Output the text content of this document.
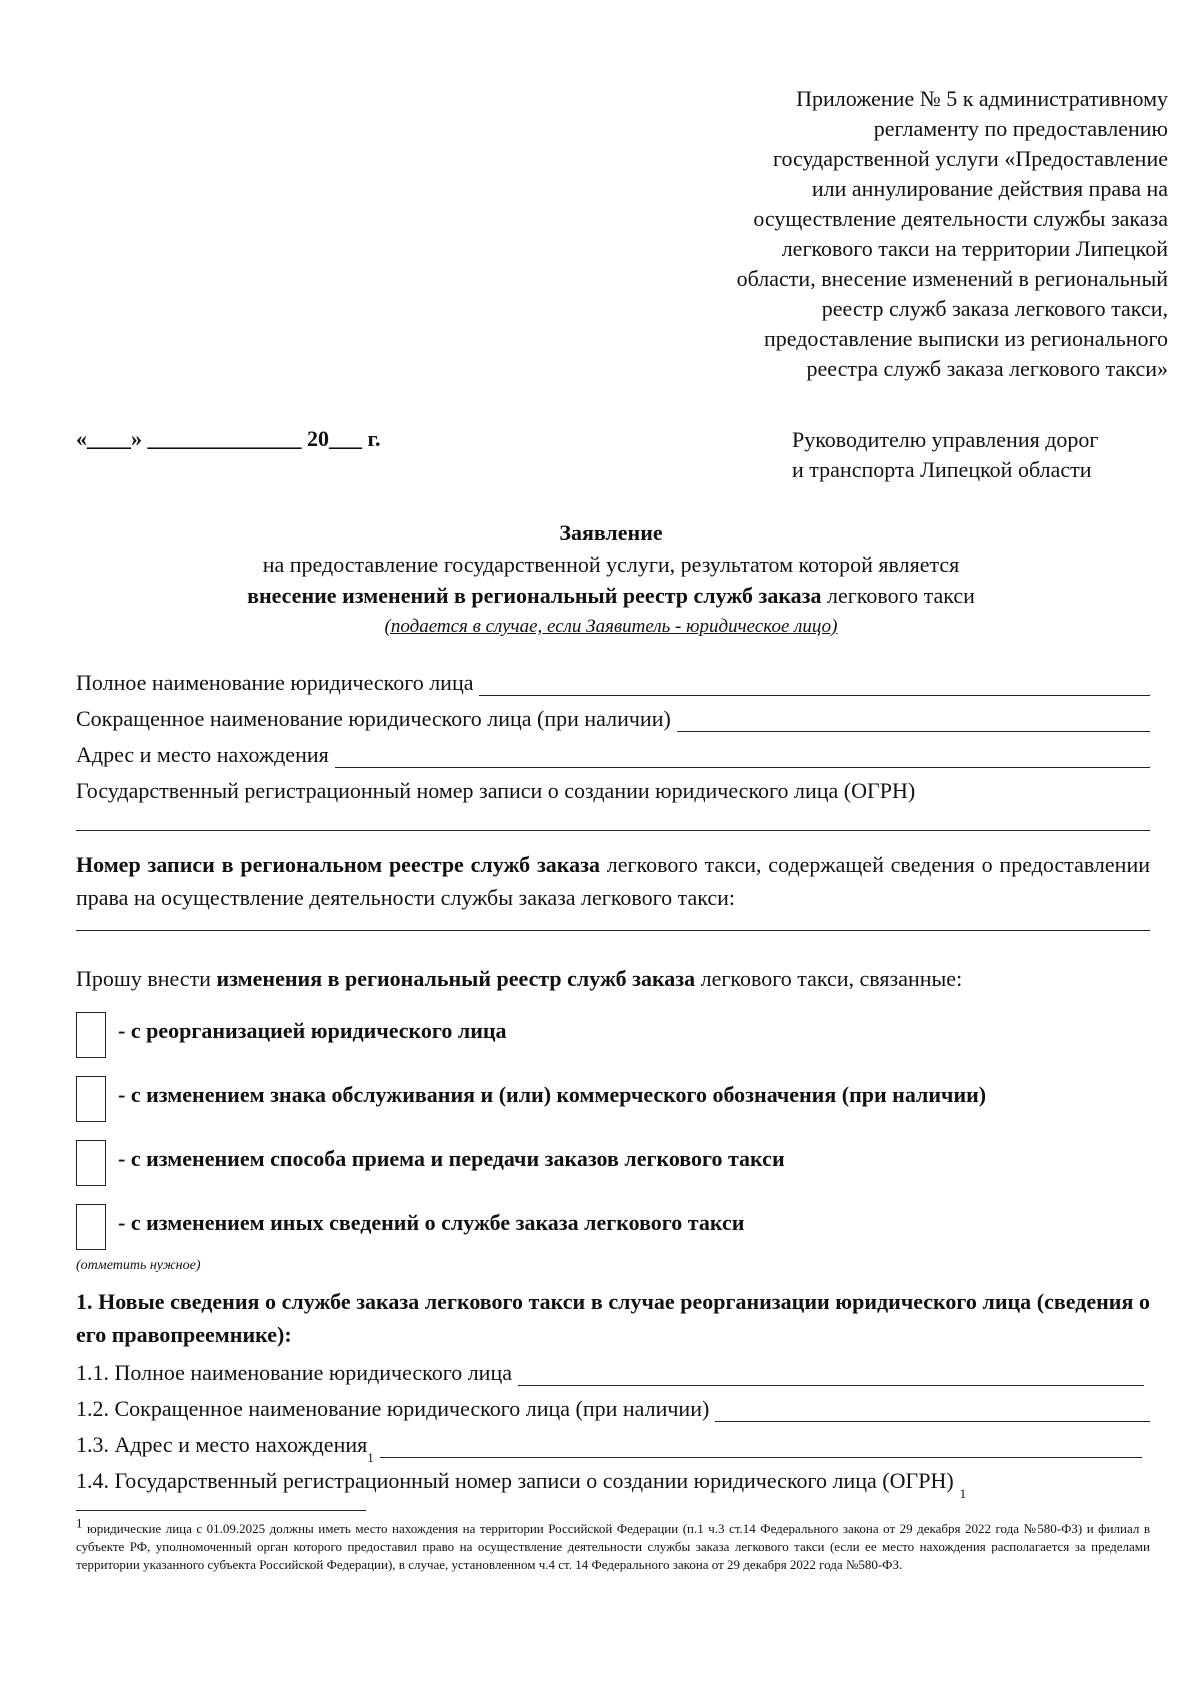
Приложение № 5 к административному
регламенту по предоставлению
государственной услуги «Предоставление
или аннулирование действия права на
осуществление деятельности службы заказа
легкового такси на территории Липецкой
области, внесение изменений в региональный
реестр служб заказа легкового такси,
предоставление выписки из регионального
реестра служб заказа легкового такси»
«____» ______________ 20___ г.	Руководителю управления дорог
и транспорта Липецкой области
Заявление
на предоставление государственной услуги, результатом которой является
внесение изменений в региональный реестр служб заказа легкового такси
(подается в случае, если Заявитель - юридическое лицо)
Полное наименование юридического лица
Сокращенное наименование юридического лица (при наличии)
Адрес и место нахождения
Государственный регистрационный номер записи о создании юридического лица (ОГРН)
Номер записи в региональном реестре служб заказа легкового такси, содержащей сведения о предоставлении права на осуществление деятельности службы заказа легкового такси:
Прошу внести изменения в региональный реестр служб заказа легкового такси, связанные:
- с реорганизацией юридического лица
- с изменением знака обслуживания и (или) коммерческого обозначения (при наличии)
- с изменением способа приема и передачи заказов легкового такси
- с изменением иных сведений о службе заказа легкового такси
(отметить нужное)
1. Новые сведения о службе заказа легкового такси в случае реорганизации юридического лица (сведения о его правопреемнике):
1.1. Полное наименование юридического лица
1.2. Сокращенное наименование юридического лица (при наличии)
1.3. Адрес и место нахождения
1
1.4. Государственный регистрационный номер записи о создании юридического лица (ОГРН)
1
1 юридические лица с 01.09.2025 должны иметь место нахождения на территории Российской Федерации (п.1 ч.3 ст.14 Федерального закона от 29 декабря 2022 года №580-ФЗ) и филиал в субъекте РФ, уполномоченный орган которого предоставил право на осуществление деятельности службы заказа легкового такси (если ее место нахождения располагается за пределами территории указанного субъекта Российской Федерации), в случае, установленном ч.4 ст. 14 Федерального закона от 29 декабря 2022 года №580-ФЗ.
